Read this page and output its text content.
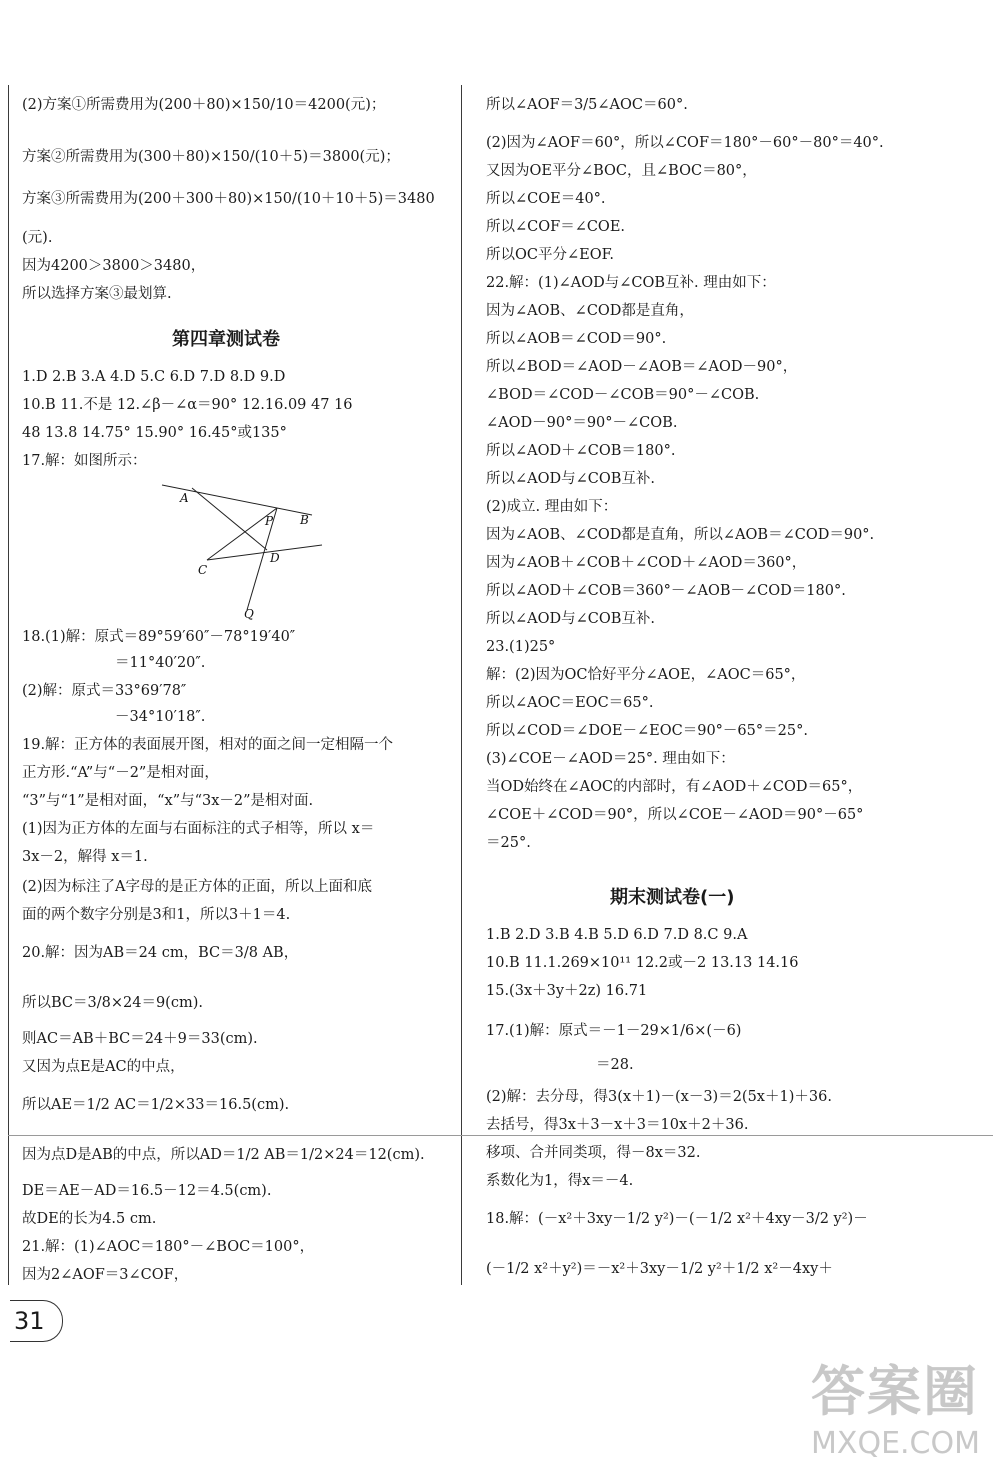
(2)方案①所需费用为(200＋80)×150/10＝4200(元)；
方案②所需费用为(300＋80)×150/(10＋5)＝3800(元)；
方案③所需费用为(200＋300＋80)×150/(10＋10＋5)＝3480
(元).
因为4200＞3800＞3480，
所以选择方案③最划算.
第四章测试卷
1.D 2.B 3.A 4.D 5.C 6.D 7.D 8.D 9.D
10.B 11.不是 12.∠β－∠α＝90° 12.16.09 47 16
48 13.8 14.75° 15.90° 16.45°或135°
17.解：如图所示：
A
B
P
C
D
Q
18.(1)解：原式＝89°59′60″－78°19′40″
＝11°40′20″.
(2)解：原式＝33°69′78″
－34°10′18″.
19.解：正方体的表面展开图，相对的面之间一定相隔一个
正方形.“A”与“－2”是相对面，
“3”与“1”是相对面，“x”与“3x－2”是相对面.
(1)因为正方体的左面与右面标注的式子相等，所以 x＝
3x－2，解得 x＝1.
(2)因为标注了A字母的是正方体的正面，所以上面和底
面的两个数字分别是3和1，所以3＋1＝4.
20.解：因为AB＝24 cm，BC＝3/8 AB，
所以BC＝3/8×24＝9(cm).
则AC＝AB＋BC＝24＋9＝33(cm).
又因为点E是AC的中点，
所以AE＝1/2 AC＝1/2×33＝16.5(cm).
因为点D是AB的中点，所以AD＝1/2 AB＝1/2×24＝12(cm).
DE＝AE－AD＝16.5－12＝4.5(cm).
故DE的长为4.5 cm.
21.解：(1)∠AOC＝180°－∠BOC＝100°，
因为2∠AOF＝3∠COF，
所以∠AOF＝3/5∠AOC＝60°.
(2)因为∠AOF＝60°，所以∠COF＝180°－60°－80°＝40°.
又因为OE平分∠BOC，且∠BOC＝80°，
所以∠COE＝40°.
所以∠COF＝∠COE.
所以OC平分∠EOF.
22.解：(1)∠AOD与∠COB互补. 理由如下：
因为∠AOB、∠COD都是直角，
所以∠AOB＝∠COD＝90°.
所以∠BOD＝∠AOD－∠AOB＝∠AOD－90°，
∠BOD＝∠COD－∠COB＝90°－∠COB.
∠AOD－90°＝90°－∠COB.
所以∠AOD＋∠COB＝180°.
所以∠AOD与∠COB互补.
(2)成立. 理由如下：
因为∠AOB、∠COD都是直角，所以∠AOB＝∠COD＝90°.
因为∠AOB＋∠COB＋∠COD＋∠AOD＝360°，
所以∠AOD＋∠COB＝360°－∠AOB－∠COD＝180°.
所以∠AOD与∠COB互补.
23.(1)25°
解：(2)因为OC恰好平分∠AOE，∠AOC＝65°，
所以∠AOC＝EOC＝65°.
所以∠COD＝∠DOE－∠EOC＝90°－65°＝25°.
(3)∠COE－∠AOD＝25°. 理由如下：
当OD始终在∠AOC的内部时，有∠AOD＋∠COD＝65°，
∠COE＋∠COD＝90°，所以∠COE－∠AOD＝90°－65°
＝25°.
期末测试卷(一)
1.B 2.D 3.B 4.B 5.D 6.D 7.D 8.C 9.A
10.B 11.1.269×10¹¹ 12.2或－2 13.13 14.16
15.(3x＋3y＋2z) 16.71
17.(1)解：原式＝－1－29×1/6×(－6)
＝28.
(2)解：去分母，得3(x＋1)－(x－3)＝2(5x＋1)＋36.
去括号，得3x＋3－x＋3＝10x＋2＋36.
移项、合并同类项，得－8x＝32.
系数化为1，得x＝－4.
18.解：(－x²＋3xy－1/2 y²)－(－1/2 x²＋4xy－3/2 y²)－
(－1/2 x²＋y²)＝－x²＋3xy－1/2 y²＋1/2 x²－4xy＋
31
答案圈
MXQE.COM
